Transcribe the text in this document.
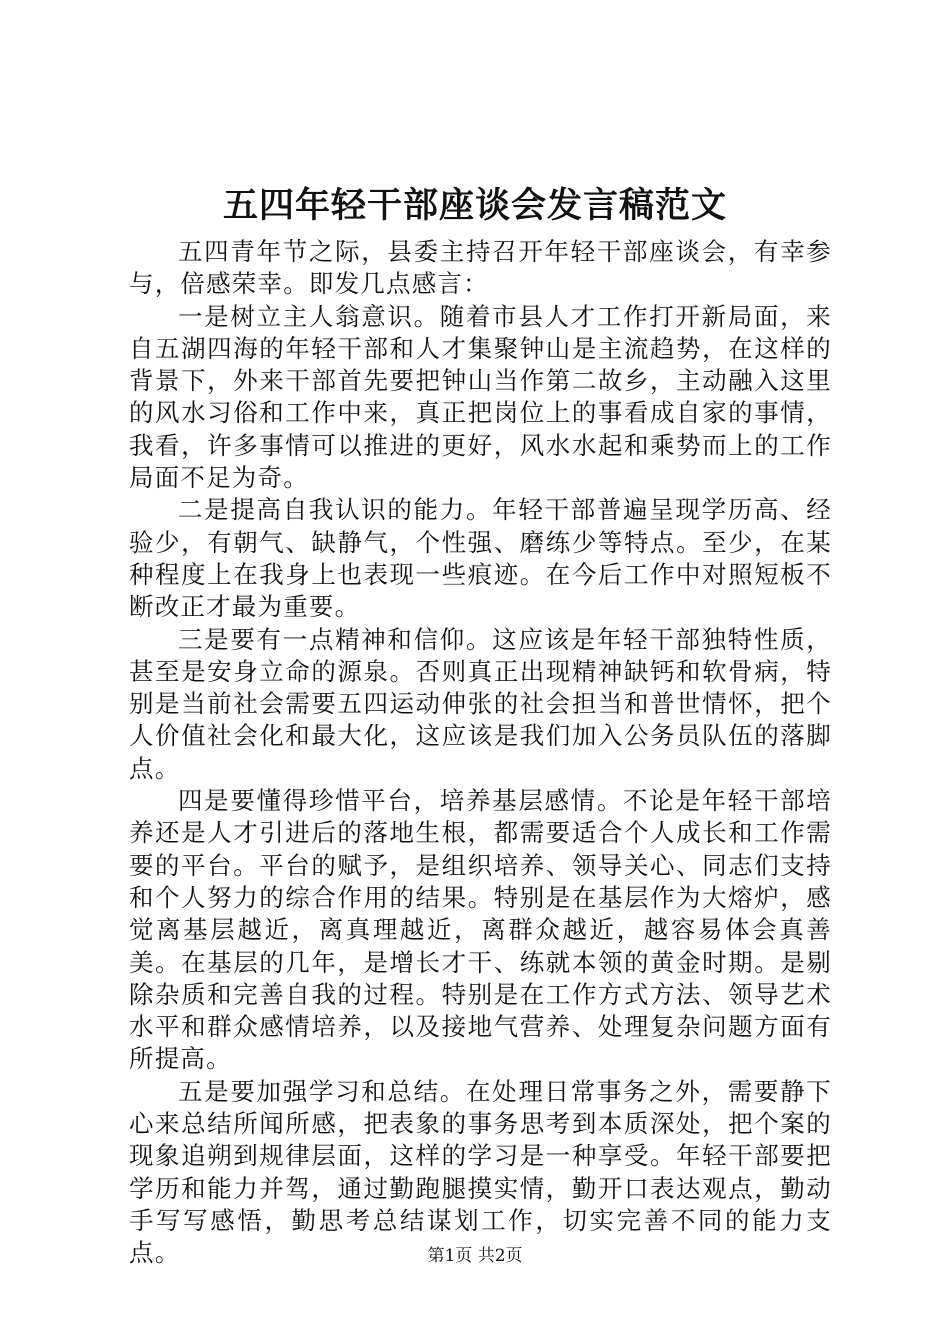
五四年轻干部座谈会发言稿范文

五四青年节之际，县委主持召开年轻干部座谈会，有幸参与，倍感荣幸。即发几点感言：

一是树立主人翁意识。随着市县人才工作打开新局面，来自五湖四海的年轻干部和人才集聚钟山是主流趋势，在这样的背景下，外来干部首先要把钟山当作第二故乡，主动融入这里的风水习俗和工作中来，真正把岗位上的事看成自家的事情，我看，许多事情可以推进的更好，风水水起和乘势而上的工作局面不足为奇。

二是提高自我认识的能力。年轻干部普遍呈现学历高、经验少，有朝气、缺静气，个性强、磨练少等特点。至少，在某种程度上在我身上也表现一些痕迹。在今后工作中对照短板不断改正才最为重要。

三是要有一点精神和信仰。这应该是年轻干部独特性质，甚至是安身立命的源泉。否则真正出现精神缺钙和软骨病，特别是当前社会需要五四运动伸张的社会担当和普世情怀，把个人价值社会化和最大化，这应该是我们加入公务员队伍的落脚点。

四是要懂得珍惜平台，培养基层感情。不论是年轻干部培养还是人才引进后的落地生根，都需要适合个人成长和工作需要的平台。平台的赋予，是组织培养、领导关心、同志们支持和个人努力的综合作用的结果。特别是在基层作为大熔炉，感觉离基层越近，离真理越近，离群众越近，越容易体会真善美。在基层的几年，是增长才干、练就本领的黄金时期。是剔除杂质和完善自我的过程。特别是在工作方式方法、领导艺术水平和群众感情培养，以及接地气营养、处理复杂问题方面有所提高。

五是要加强学习和总结。在处理日常事务之外，需要静下心来总结所闻所感，把表象的事务思考到本质深处，把个案的现象追朔到规律层面，这样的学习是一种享受。年轻干部要把学历和能力并驾，通过勤跑腿摸实情，勤开口表达观点，勤动手写写感悟，勤思考总结谋划工作，切实完善不同的能力支点。	第1页 共2页
